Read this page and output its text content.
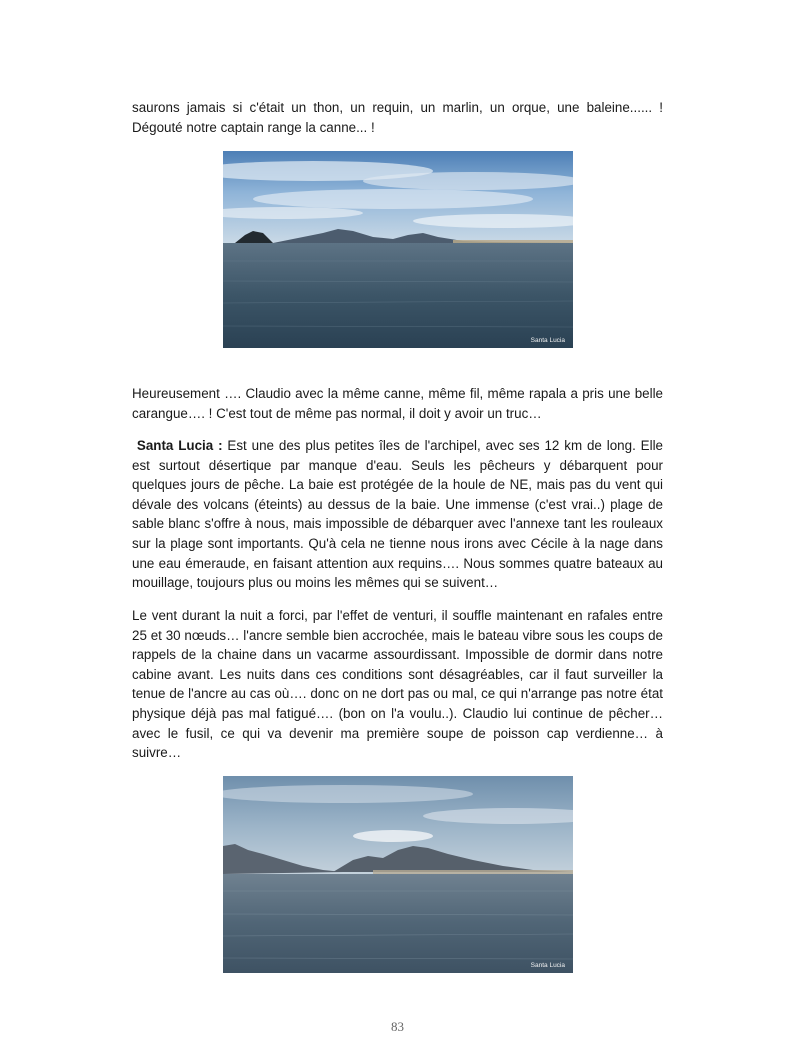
saurons jamais si c'était un thon, un requin, un marlin, un orque, une baleine...... ! Dégouté notre captain range la canne... !

Santa Lucia

Heureusement …. Claudio avec la même canne, même fil, même rapala a pris une belle carangue…. ! C'est tout de même pas normal, il doit y avoir un truc…

Santa Lucia : Est une des plus petites îles de l'archipel, avec ses 12 km de long. Elle est surtout désertique par manque d'eau. Seuls les pêcheurs y débarquent pour quelques jours de pêche. La baie est protégée de la houle de NE, mais pas du vent qui dévale des volcans (éteints) au dessus de la baie. Une immense (c'est vrai..) plage de sable blanc s'offre à nous, mais impossible de débarquer avec l'annexe tant les rouleaux sur la plage sont importants. Qu'à cela ne tienne nous irons avec Cécile à la nage dans une eau émeraude, en faisant attention aux requins…. Nous sommes quatre bateaux au mouillage, toujours plus ou moins les mêmes qui se suivent…

Le vent durant la nuit a forci, par l'effet de venturi, il souffle maintenant en rafales entre 25 et 30 nœuds… l'ancre semble bien accrochée, mais le bateau vibre sous les coups de rappels de la chaine dans un vacarme assourdissant. Impossible de dormir dans notre cabine avant. Les nuits dans ces conditions sont désagréables, car il faut surveiller la tenue de l'ancre au cas où…. donc on ne dort pas ou mal, ce qui n'arrange pas notre état physique déjà pas mal fatigué…. (bon on l'a voulu..). Claudio lui continue de pêcher…avec le fusil, ce qui va devenir ma première soupe de poisson cap verdienne… à suivre…

Santa Lucia
83
